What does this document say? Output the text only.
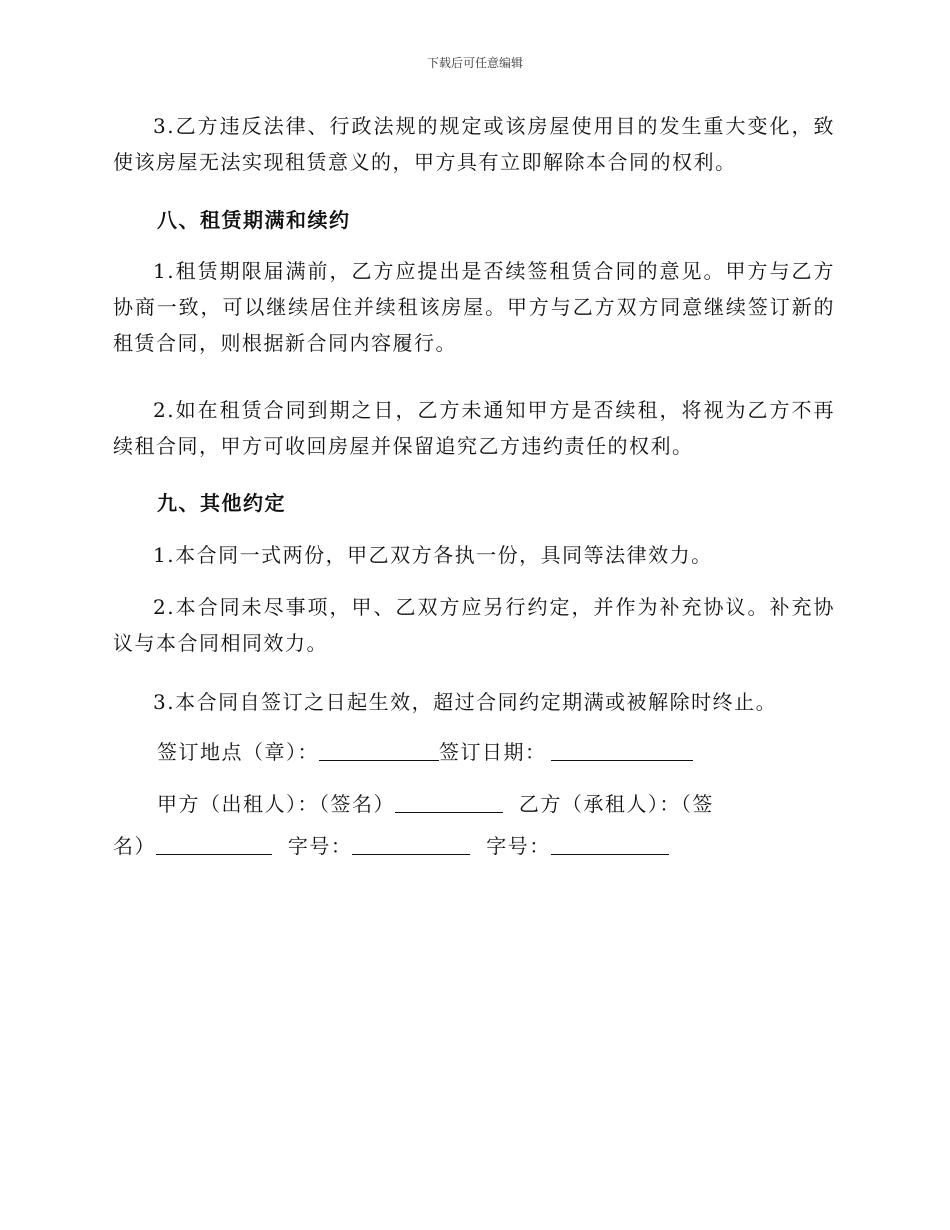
下载后可任意编辑

3.乙方违反法律、行政法规的规定或该房屋使用目的发生重大变化，致使该房屋无法实现租赁意义的，甲方具有立即解除本合同的权利。

八、租赁期满和续约

1.租赁期限届满前，乙方应提出是否续签租赁合同的意见。甲方与乙方协商一致，可以继续居住并续租该房屋。甲方与乙方双方同意继续签订新的租赁合同，则根据新合同内容履行。

2.如在租赁合同到期之日，乙方未通知甲方是否续租，将视为乙方不再续租合同，甲方可收回房屋并保留追究乙方违约责任的权利。

九、其他约定

1.本合同一式两份，甲乙双方各执一份，具同等法律效力。

2.本合同未尽事项，甲、乙双方应另行约定，并作为补充协议。补充协议与本合同相同效力。

3.本合同自签订之日起生效，超过合同约定期满或被解除时终止。

签订地点（章）：	签订日期：
甲方（出租人）：（签名）	乙方（承租人）：（签
名）	字号：	字号：
